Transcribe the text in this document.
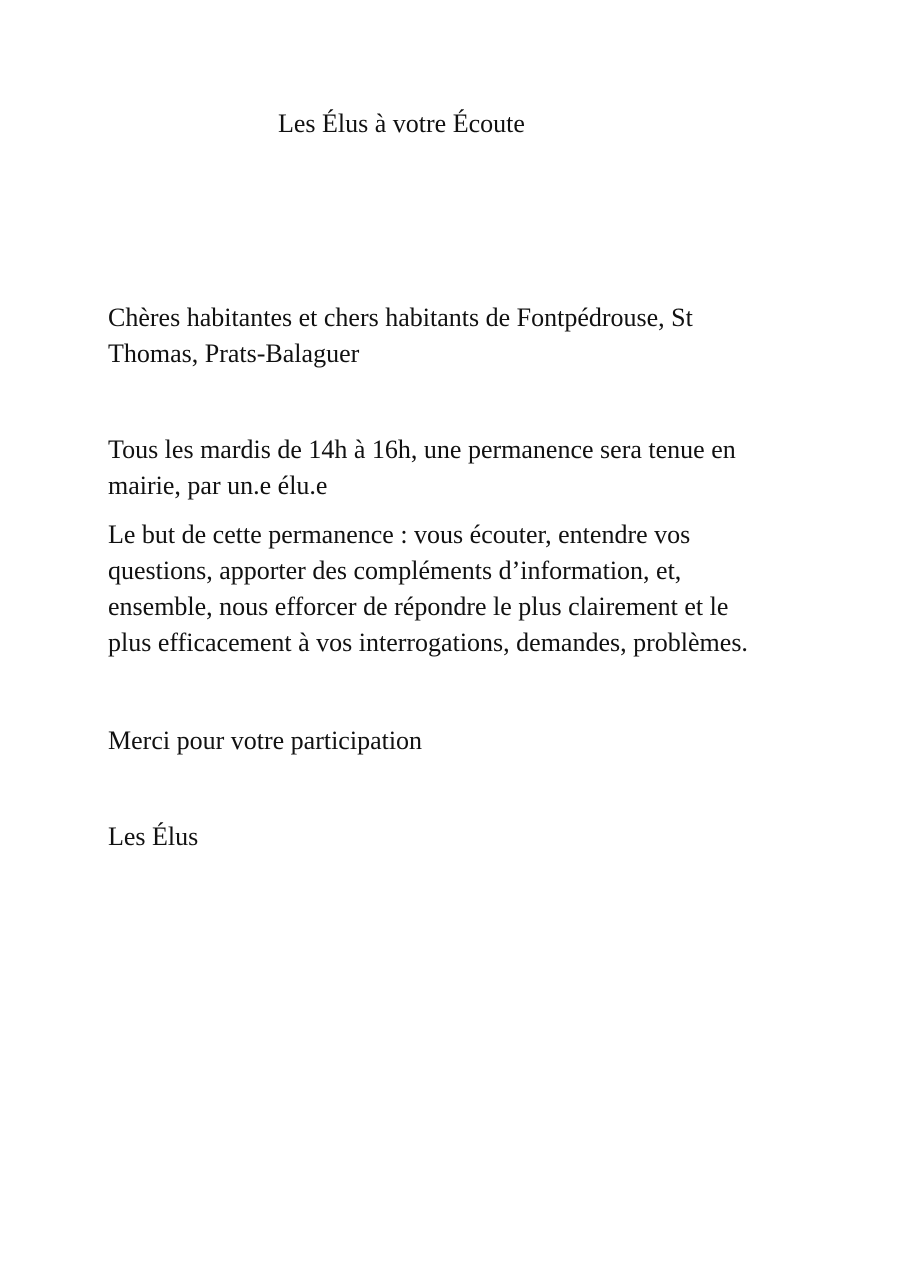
Les Élus à votre Écoute

Chères habitantes et chers habitants de Fontpédrouse, St
Thomas, Prats-Balaguer

Tous les mardis de 14h à 16h, une permanence sera tenue en
mairie, par un.e élu.e

Le but de cette permanence : vous écouter, entendre vos
questions, apporter des compléments d’information, et,
ensemble, nous efforcer de répondre le plus clairement et le
plus efficacement à vos interrogations, demandes, problèmes.

Merci pour votre participation

Les Élus
